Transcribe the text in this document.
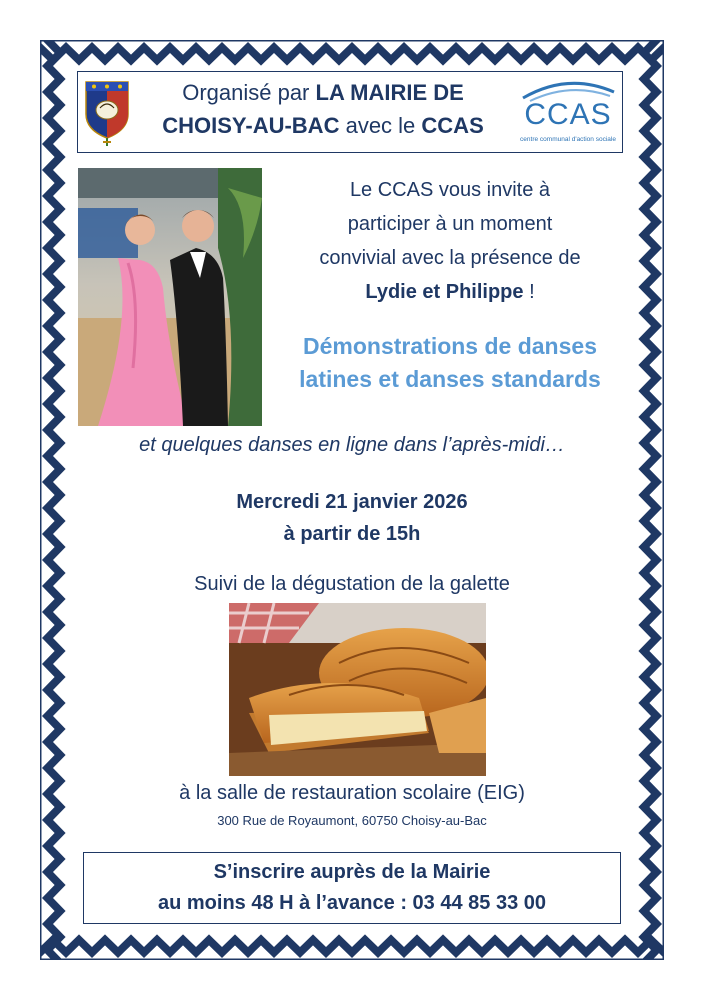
Organisé par LA MAIRIE DE
CHOISY-AU-BAC avec le CCAS	CCAS
centre communal d'action sociale
Le CCAS vous invite à
participer à un moment
convivial avec la présence de
Lydie et Philippe !
Démonstrations de danses
latines et danses standards
et quelques danses en ligne dans l’après-midi…
Mercredi 21 janvier 2026
à partir de 15h
Suivi de la dégustation de la galette
à la salle de restauration scolaire (EIG)
300 Rue de Royaumont, 60750 Choisy-au-Bac
S’inscrire auprès de la Mairie
au moins 48 H à l’avance : 03 44 85 33 00
